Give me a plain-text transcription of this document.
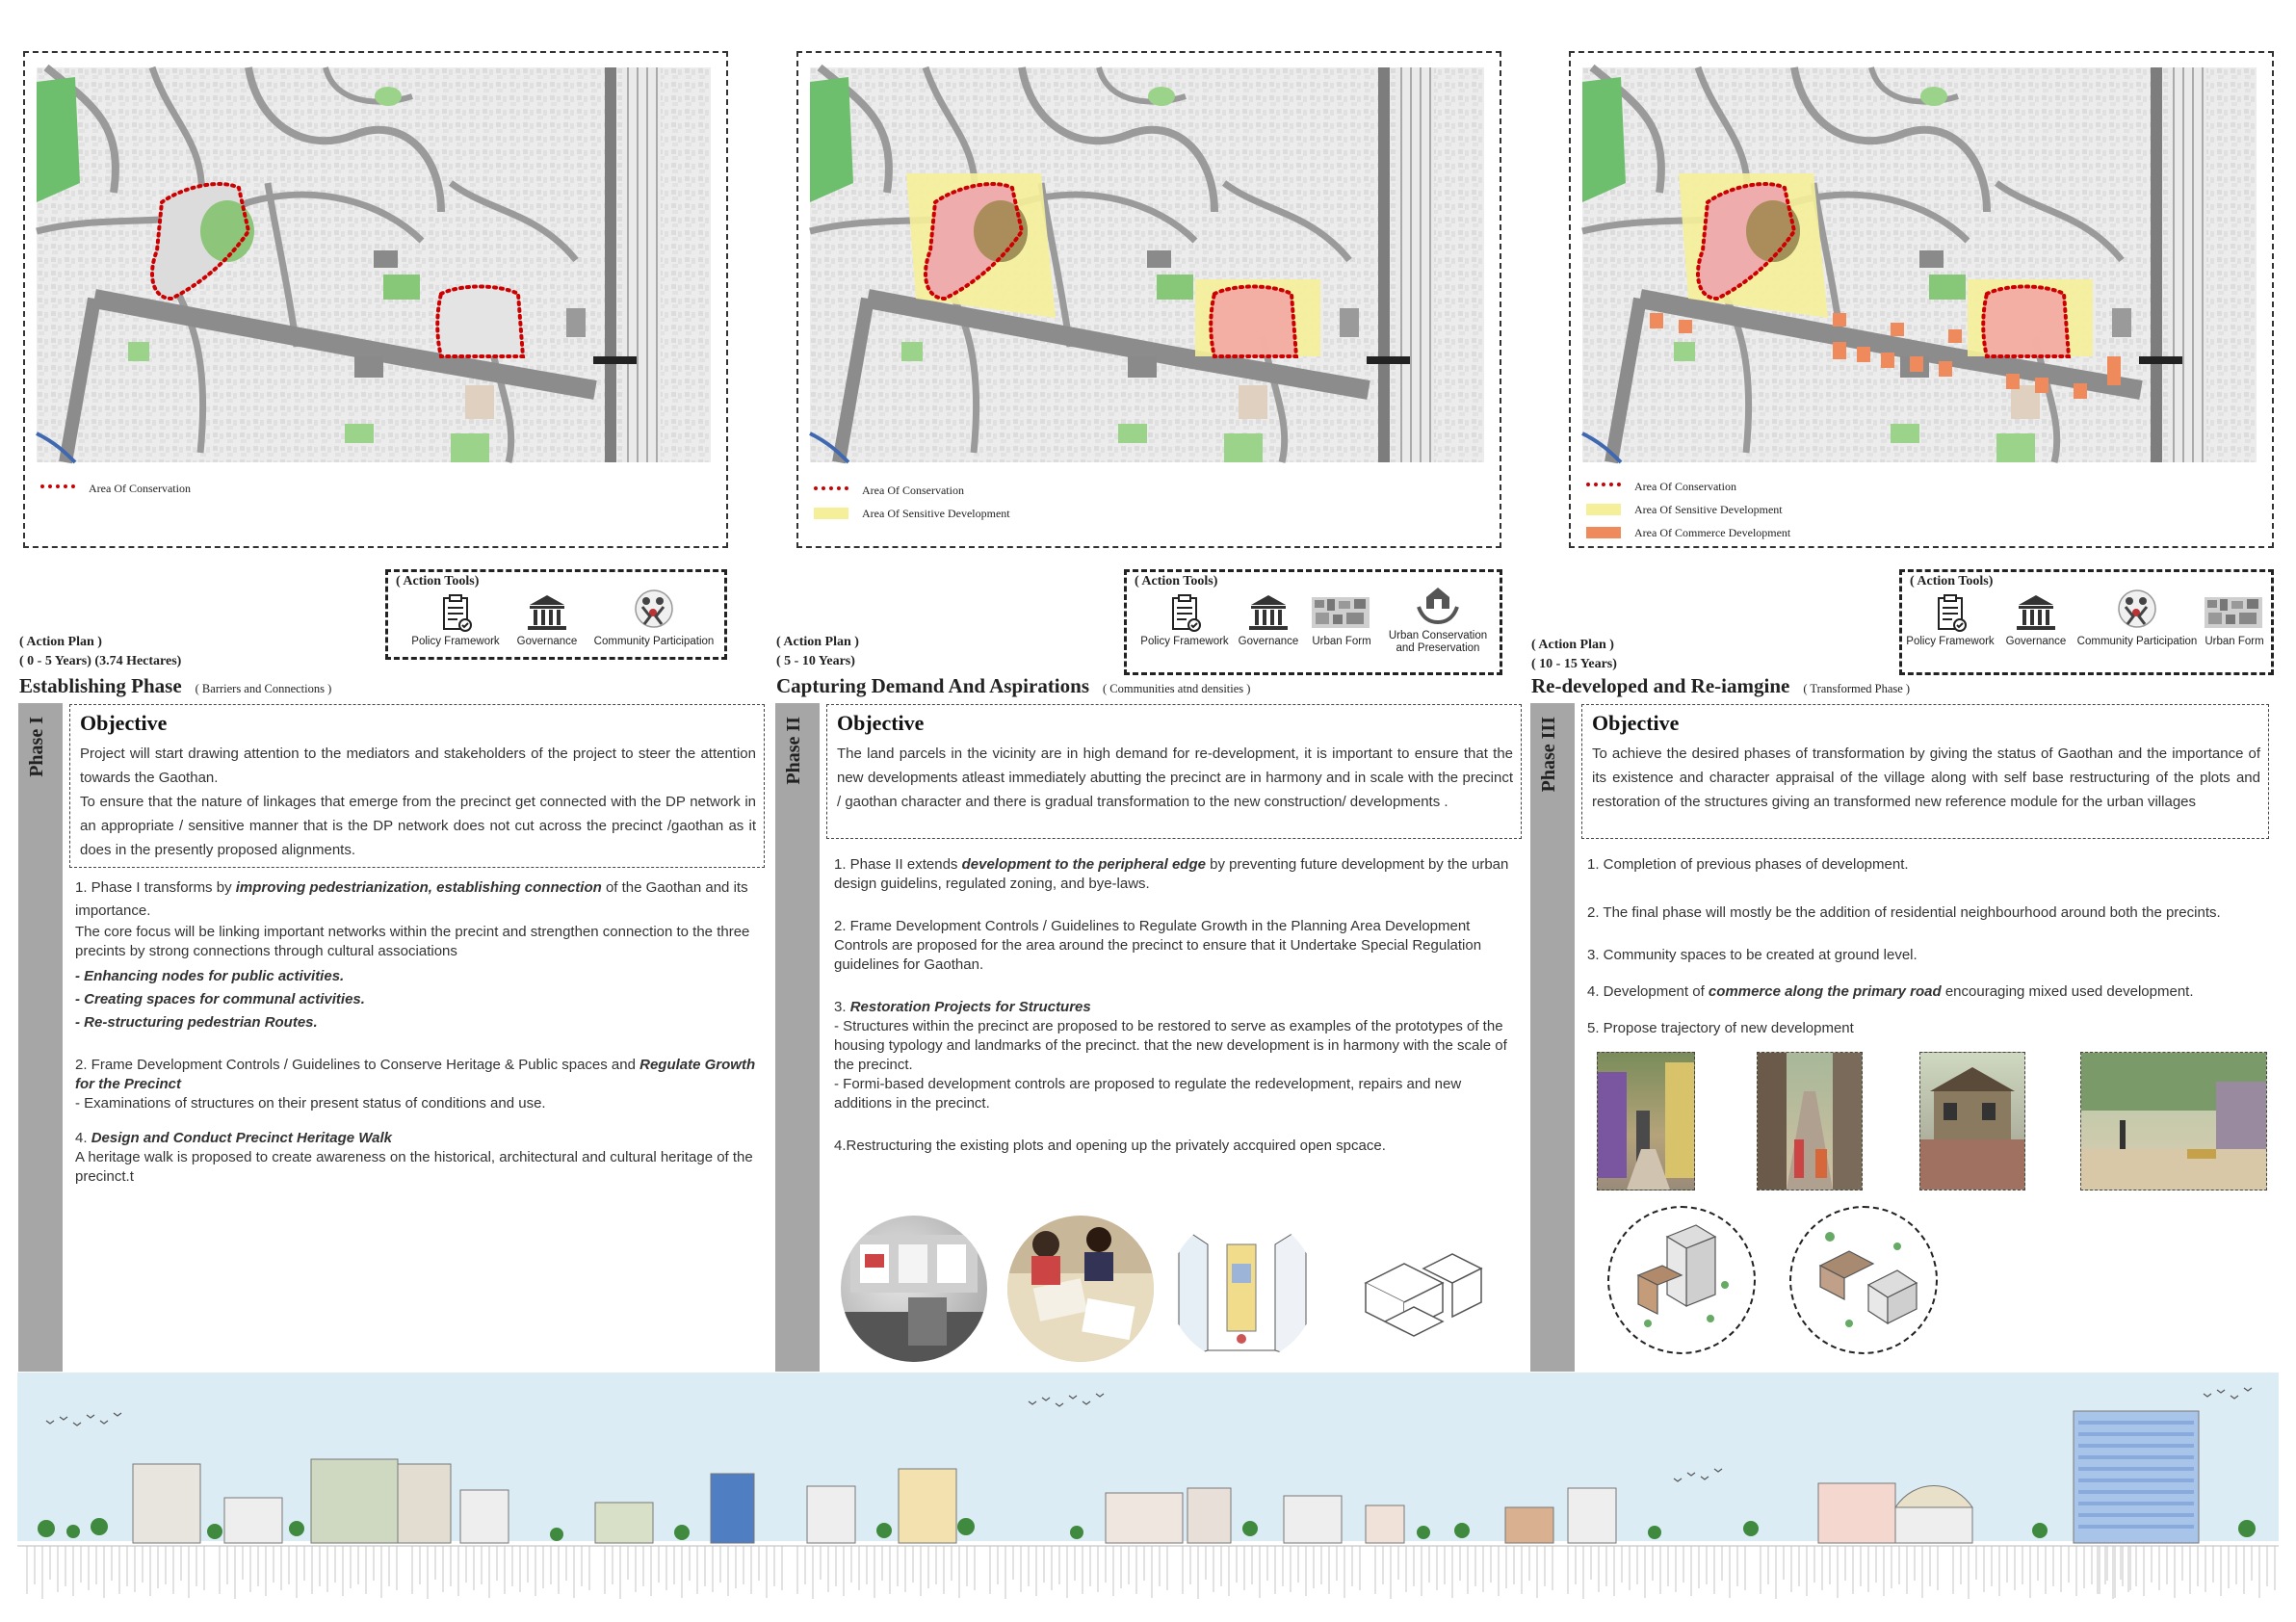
Area Of Conservation	Area Of Conservation
Area Of Sensitive Development
Area Of Conservation
Area Of Sensitive Development
Area Of Commerce Development
( Action Tools)
Policy Framework	Governance	Community Participation
( Action Tools)
Policy Framework Governance	Urban Form	Urban Conservation and Preservation
( Action Tools)
Policy Framework	Governance Community Participation Urban Form
( Action Plan )
( 0 - 5 Years) (3.74 Hectares)
Establishing Phase ( Barriers and Connections )
( Action Plan )
( 5 - 10 Years)
Capturing Demand And Aspirations ( Communities atnd densities )
( Action Plan )
( 10 - 15 Years)
Re-developed and Re-iamgine ( Transformed Phase )
Phase I	Phase II	Phase III
Objective

Project will start drawing attention to the mediators and stakeholders of the project to steer the attention towards the Gaothan.

To ensure that the nature of linkages that emerge from the precinct get connected with the DP network in an appropriate / sensitive manner that is the DP network does not cut across the precinct /gaothan as it does in the presently proposed alignments.

Objective

The land parcels in the vicinity are in high demand for re-development, it is important to ensure that the new developments atleast immediately abutting the precinct are in harmony and in scale with the precinct / gaothan character and there is gradual transformation to the new construction/ developments .

Objective

To achieve the desired phases of transformation by giving the status of Gaothan and the importance of its existence and character appraisal of the village along with self base restructuring of the plots and restoration of the structures giving an transformed new reference module for the urban villages

1. Phase I transforms by improving pedestrianization, establishing connection of the Gaothan and its importance.

The core focus will be linking important networks within the precint and strengthen connection to the three precints by strong connections through cultural associations

- Enhancing nodes for public activities.

- Creating spaces for communal activities.

- Re-structuring pedestrian Routes.

2. Frame Development Controls / Guidelines to Conserve Heritage & Public spaces and Regulate Growth for the Precinct

- Examinations of structures on their present status of conditions and use.

4. Design and Conduct Precinct Heritage Walk

A heritage walk is proposed to create awareness on the historical, architectural and cultural heritage of the precinct.t

1. Phase II extends development to the peripheral edge by preventing future development by the urban design guidelins, regulated zoning, and bye-laws.

2. Frame Development Controls / Guidelines to Regulate Growth in the Planning Area Development Controls are proposed for the area around the precinct to ensure that it Undertake Special Regulation guidelines for Gaothan.

3. Restoration Projects for Structures

- Structures within the precinct are proposed to be restored to serve as examples of the prototypes of the housing typology and landmarks of the precinct. that the new development is in harmony with the scale of the precinct.

- Formi-based development controls are proposed to regulate the redevelopment, repairs and new additions in the precinct.

4.Restructuring the existing plots and opening up the privately accquired open spcace.

1. Completion of previous phases of development.

2. The final phase will mostly be the addition of residential neighbourhood around both the precints.

3. Community spaces to be created at ground level.

4. Development of commerce along the primary road encouraging mixed used development.

5. Propose trajectory of new development
